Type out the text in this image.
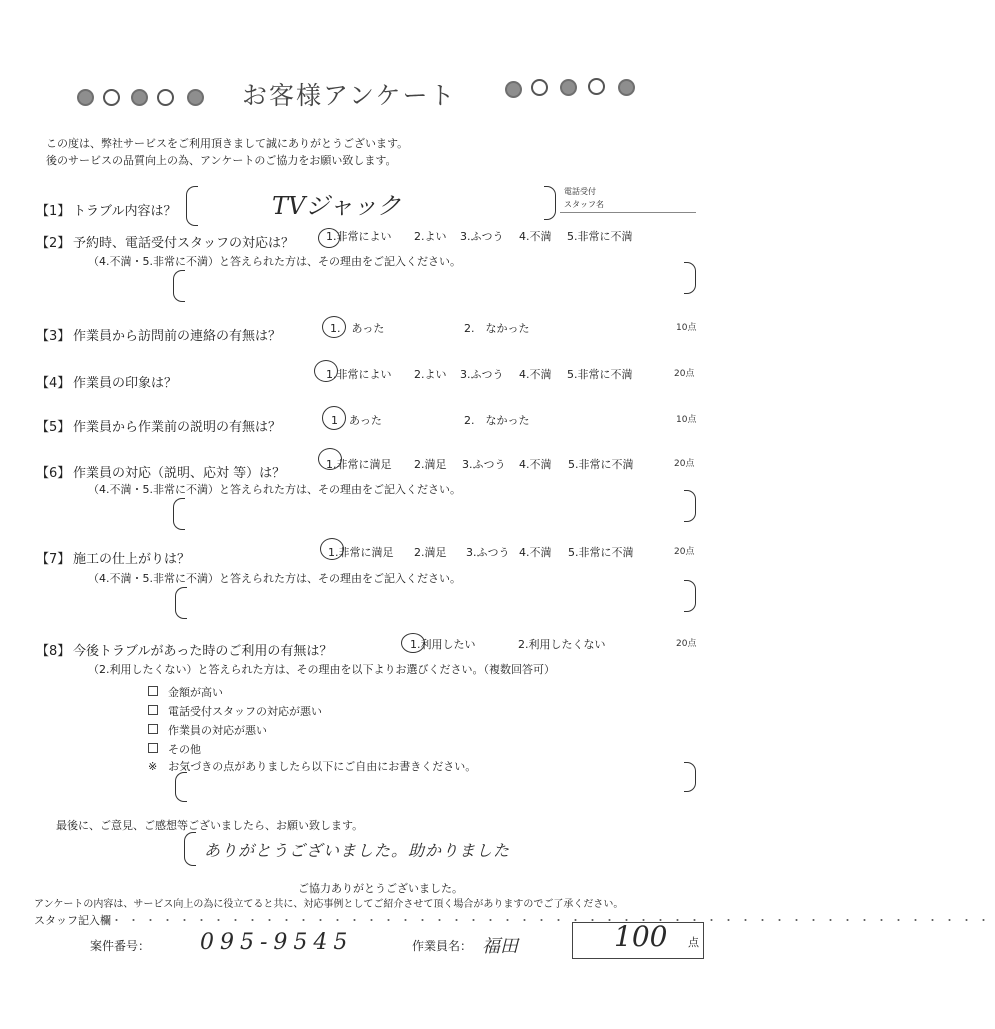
お客様アンケート
この度は、弊社サービスをご利用頂きまして誠にありがとうございます。
後のサービスの品質向上の為、アンケートのご協力をお願い致します。
【1】 トラブル内容は？	TVジャック
電話受付
スタッフ名
【2】 予約時、電話受付スタッフの対応は？	1.非常によい 2.よい 3.ふつう 4.不満 5.非常に不満
（4.不満・5.非常に不満）と答えられた方は、その理由をご記入ください。
【3】 作業員から訪問前の連絡の有無は？
1.　あった	2.　なかった	10点
【4】 作業員の印象は？
1.非常によい 2.よい 3.ふつう 4.不満 5.非常に不満	20点
【5】 作業員から作業前の説明の有無は？	1　あった	2.　なかった	10点
【6】 作業員の対応（説明、応対 等）は？
1.非常に満足 2.満足 3.ふつう 4.不満 5.非常に不満	20点
（4.不満・5.非常に不満）と答えられた方は、その理由をご記入ください。
【7】 施工の仕上がりは？	1.非常に満足 2.満足 3.ふつう 4.不満 5.非常に不満	20点
（4.不満・5.非常に不満）と答えられた方は、その理由をご記入ください。
【8】 今後トラブルがあった時のご利用の有無は？	1.利用したい	2.利用したくない	20点
（2.利用したくない）と答えられた方は、その理由を以下よりお選びください。（複数回答可）
金額が高い
電話受付スタッフの対応が悪い
作業員の対応が悪い
その他
※　お気づきの点がありましたら以下にご自由にお書きください。
最後に、ご意見、ご感想等ございましたら、お願い致します。
ありがとうございました。助かりました
ご協力ありがとうございました。
アンケートの内容は、サービス向上の為に役立てると共に、対応事例としてご紹介させて頂く場合がありますのでご了承ください。
スタッフ記入欄・・・・・・・・・・・・・・・・・・・・・・・・・・・・・・・・・・・・・・・・・・・・・・・・・・・・
案件番号： 095-9545	作業員名： 福田	100 点
